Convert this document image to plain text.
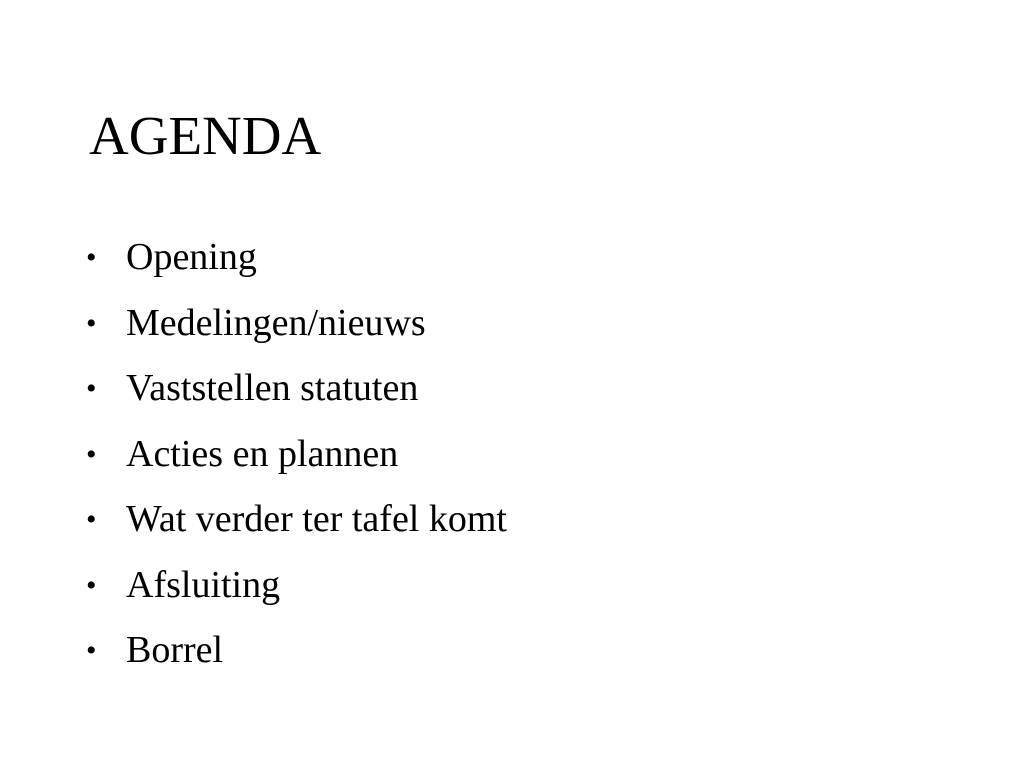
AGENDA
• Opening
• Medelingen/nieuws
• Vaststellen statuten
• Acties en plannen
• Wat verder ter tafel komt
• Afsluiting
• Borrel
